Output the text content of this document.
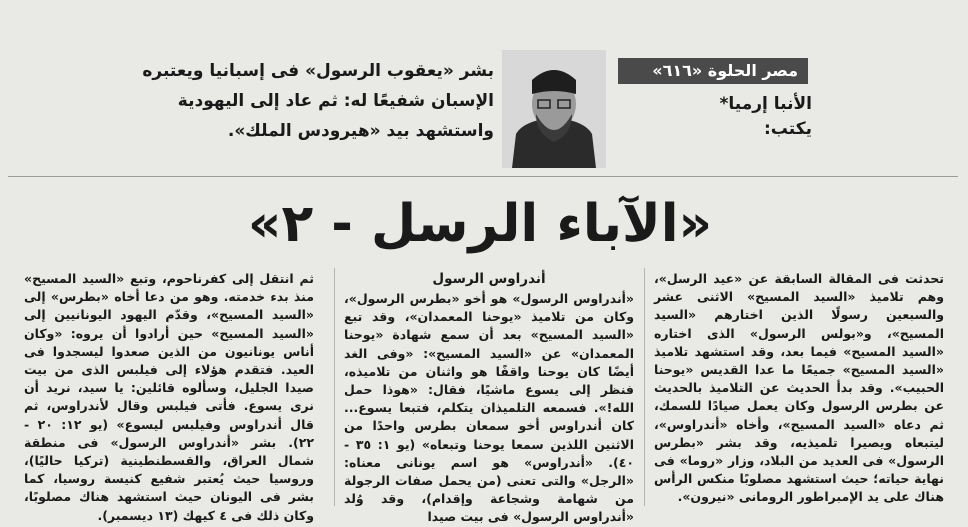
مصر الحلوة «٦١٦»
الأنبا إرميا*
يكتب:
بشر «يعقوب الرسول» فى إسبانيا ويعتبره الإسبان شفيعًا له: ثم عاد إلى اليهودية واستشهد بيد «هيرودس الملك».
«الآباء الرسل - ٢»

تحدثت فى المقالة السابقة عن «عيد الرسل»، وهم تلاميذ «السيد المسيح» الاثنى عشر والسبعين رسولًا الذين اختارهم «السيد المسيح»، و«بولس الرسول» الذى اختاره «السيد المسيح» فيما بعد، وقد استشهد تلاميذ «السيد المسيح» جميعًا ما عدا القديس «يوحنا الحبيب». وقد بدأ الحديث عن التلاميذ بالحديث عن بطرس الرسول وكان يعمل صيادًا للسمك، ثم دعاه «السيد المسيح»، وأخاه «أندراوس»، ليتبعاه ويصيرا تلميذيه، وقد بشر «بطرس الرسول» فى العديد من البلاد، وزار «روما» فى نهاية حياته؛ حيث استشهد مصلوبًا منكس الرأس هناك على يد الإمبراطور الرومانى «نيرون».

أندراوس الرسول

«أندراوس الرسول» هو أخو «بطرس الرسول»، وكان من تلاميذ «يوحنا المعمدان»، وقد تبع «السيد المسيح» بعد أن سمع شهادة «يوحنا المعمدان» عن «السيد المسيح»: «وفى الغد أيضًا كان يوحنا واقفًا هو واثنان من تلاميذه، فنظر إلى يسوع ماشيًا، فقال: «هوذا حمل الله!». فسمعه التلميذان يتكلم، فتبعا يسوع... كان أندراوس أخو سمعان بطرس واحدًا من الاثنين اللذين سمعا يوحنا وتبعاه» (يو ١: ٣٥ - ٤٠). «أندراوس» هو اسم يونانى معناه: «الرجل» والتى تعنى (من يحمل صفات الرجولة من شهامة وشجاعة وإقدام)، وقد وُلد «أندراوس الرسول» فى بيت صيدا

ثم انتقل إلى كفرناحوم، وتبع «السيد المسيح» منذ بدء خدمته. وهو من دعا أخاه «بطرس» إلى «السيد المسيح»، وقدّم اليهود اليونانيين إلى «السيد المسيح» حين أرادوا أن يروه: «وكان أناس يونانيون من الذين صعدوا ليسجدوا فى العيد. فتقدم هؤلاء إلى فيلبس الذى من بيت صيدا الجليل، وسألوه قائلين: يا سيد، نريد أن نرى يسوع. فأتى فيلبس وقال لأندراوس، ثم قال أندراوس وفيلبس ليسوع» (يو ١٢: ٢٠ - ٢٢). بشر «أندراوس الرسول» فى منطقة شمال العراق، والقسطنطينية (تركيا حاليًا)، وروسيا حيث يُعتبر شفيع كنيسة روسيا، كما بشر فى اليونان حيث استشهد هناك مصلوبًا، وكان ذلك فى ٤ كيهك (١٣ ديسمبر).
